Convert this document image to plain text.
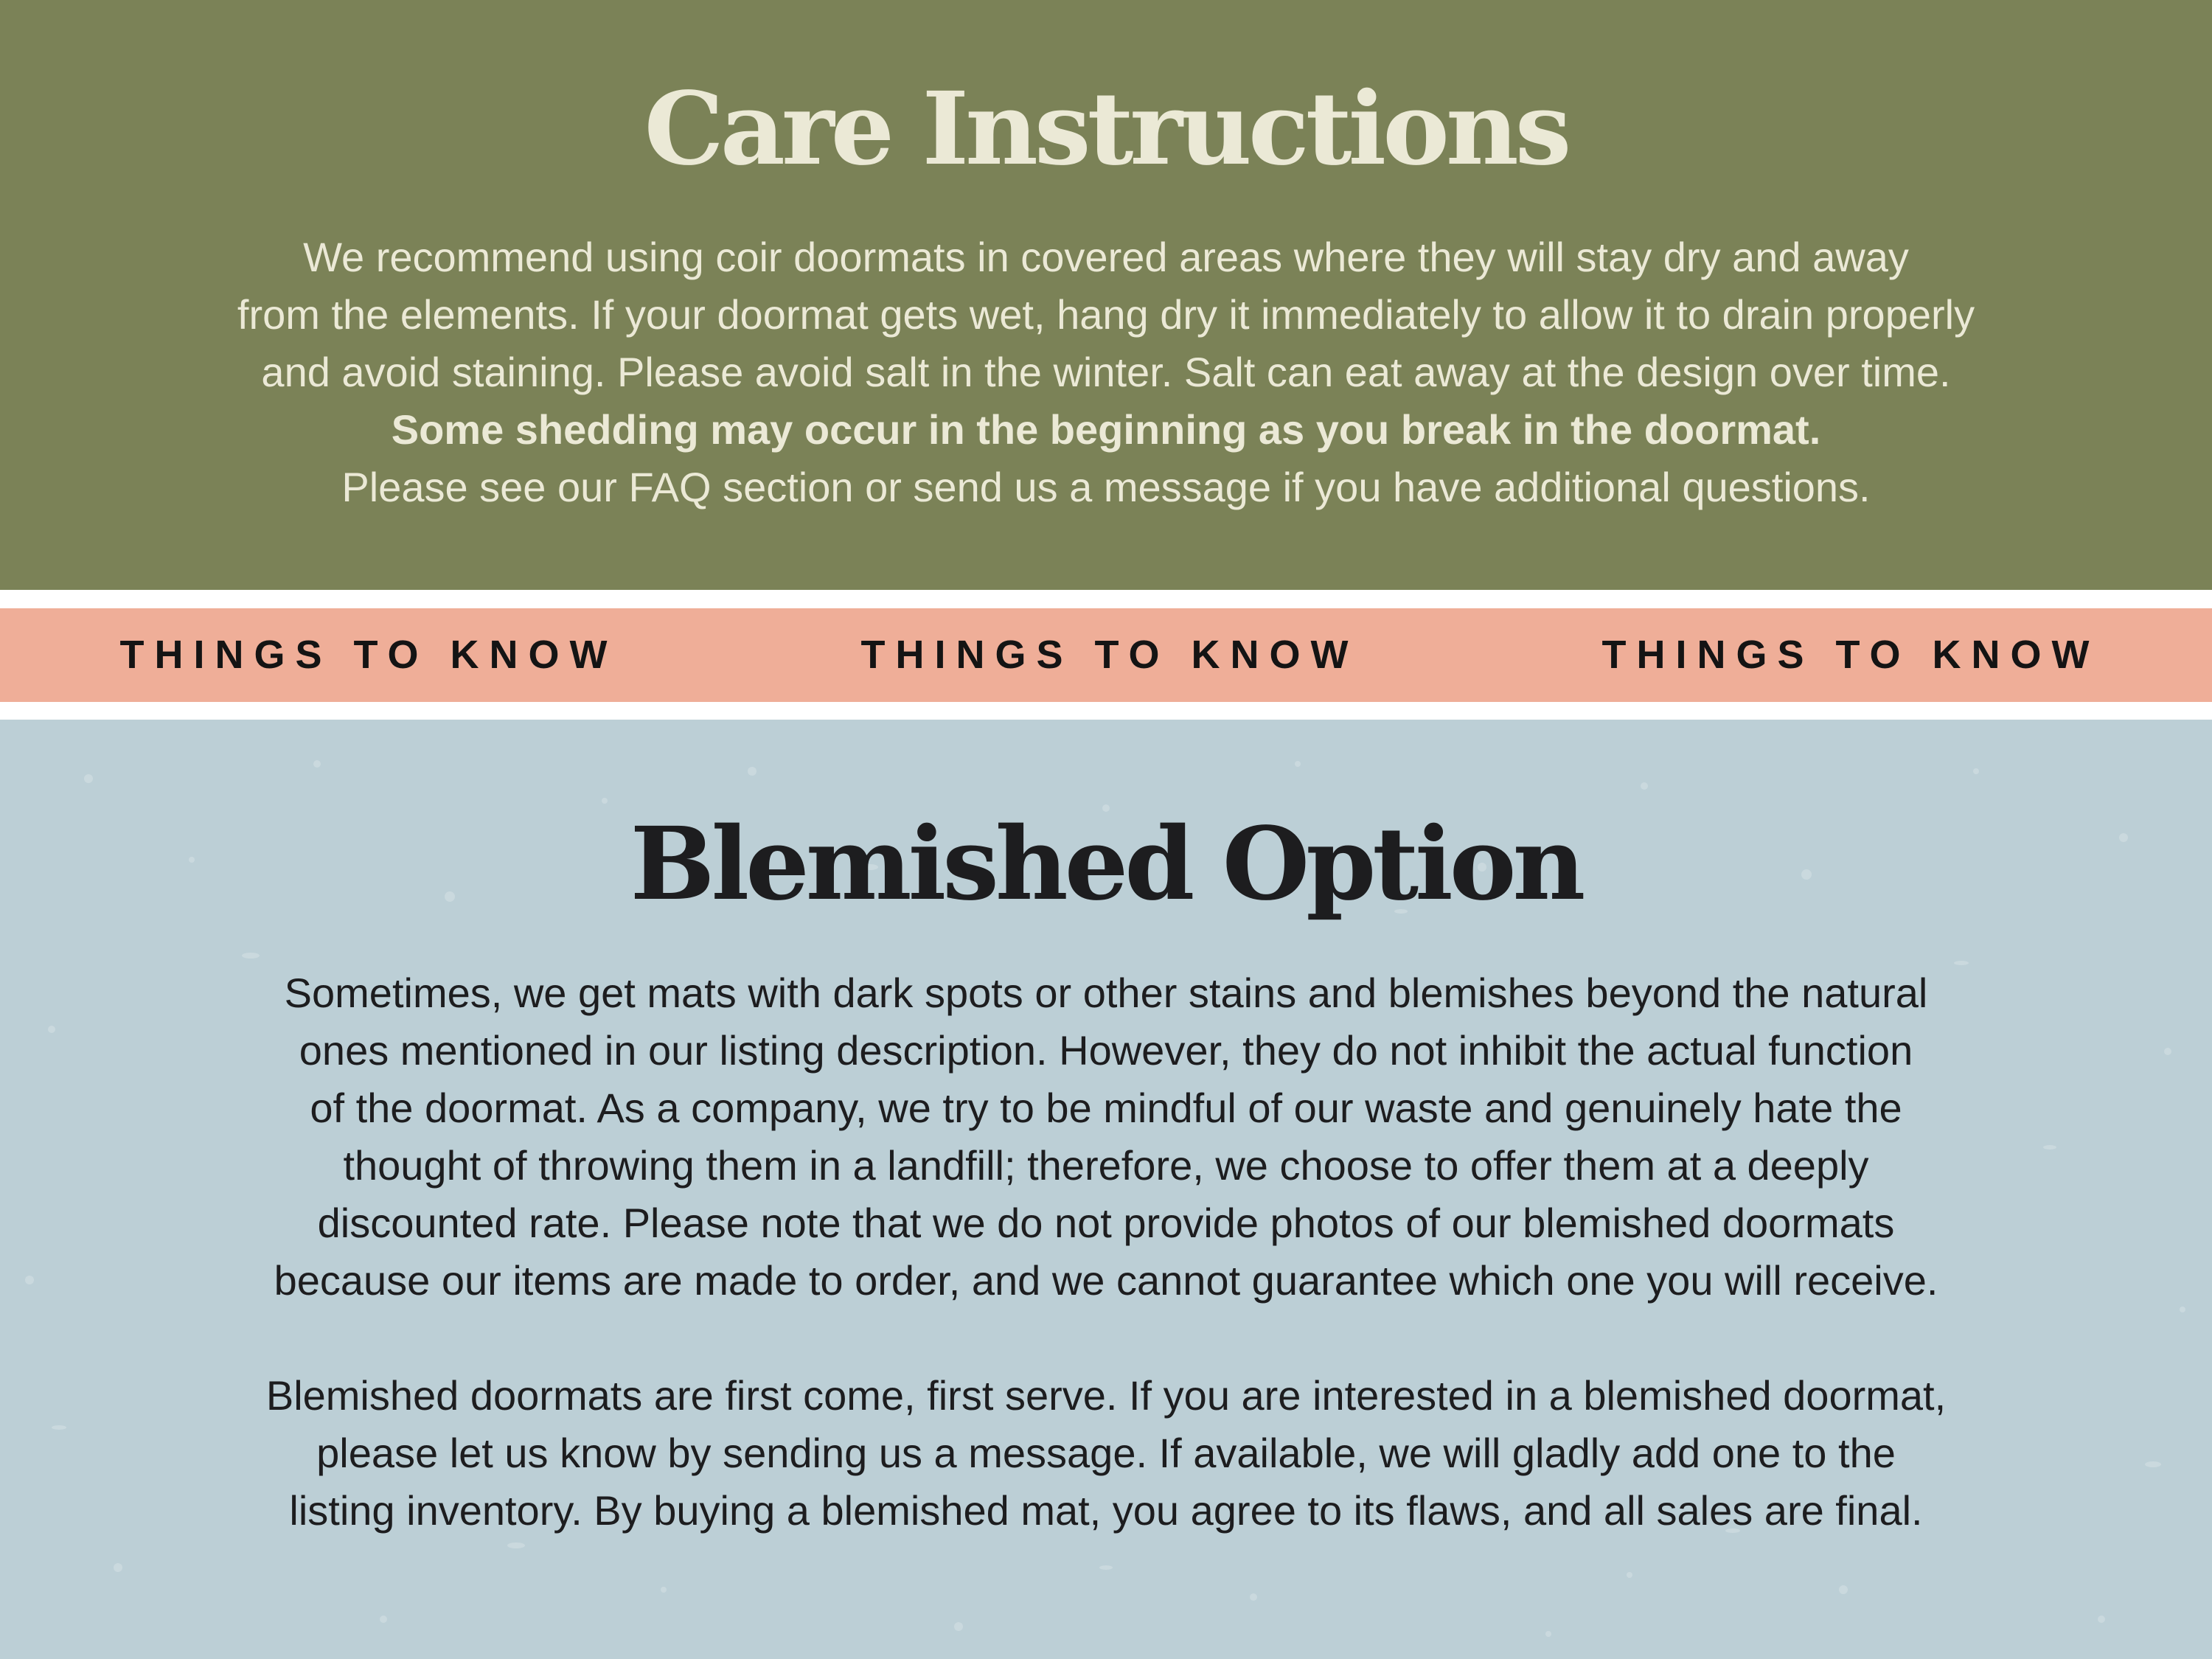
Care Instructions
We recommend using coir doormats in covered areas where they will stay dry and away
from the elements. If your doormat gets wet, hang dry it immediately to allow it to drain properly
and avoid staining. Please avoid salt in the winter. Salt can eat away at the design over time.
Some shedding may occur in the beginning as you break in the doormat.
Please see our FAQ section or send us a message if you have additional questions.
THINGS TO KNOW	THINGS TO KNOW	THINGS TO KNOW
Blemished Option
Sometimes, we get mats with dark spots or other stains and blemishes beyond the natural
ones mentioned in our listing description. However, they do not inhibit the actual function
of the doormat. As a company, we try to be mindful of our waste and genuinely hate the
thought of throwing them in a landfill; therefore, we choose to offer them at a deeply
discounted rate. Please note that we do not provide photos of our blemished doormats
because our items are made to order, and we cannot guarantee which one you will receive.
Blemished doormats are first come, first serve. If you are interested in a blemished doormat,
please let us know by sending us a message. If available, we will gladly add one to the
listing inventory. By buying a blemished mat, you agree to its flaws, and all sales are final.
